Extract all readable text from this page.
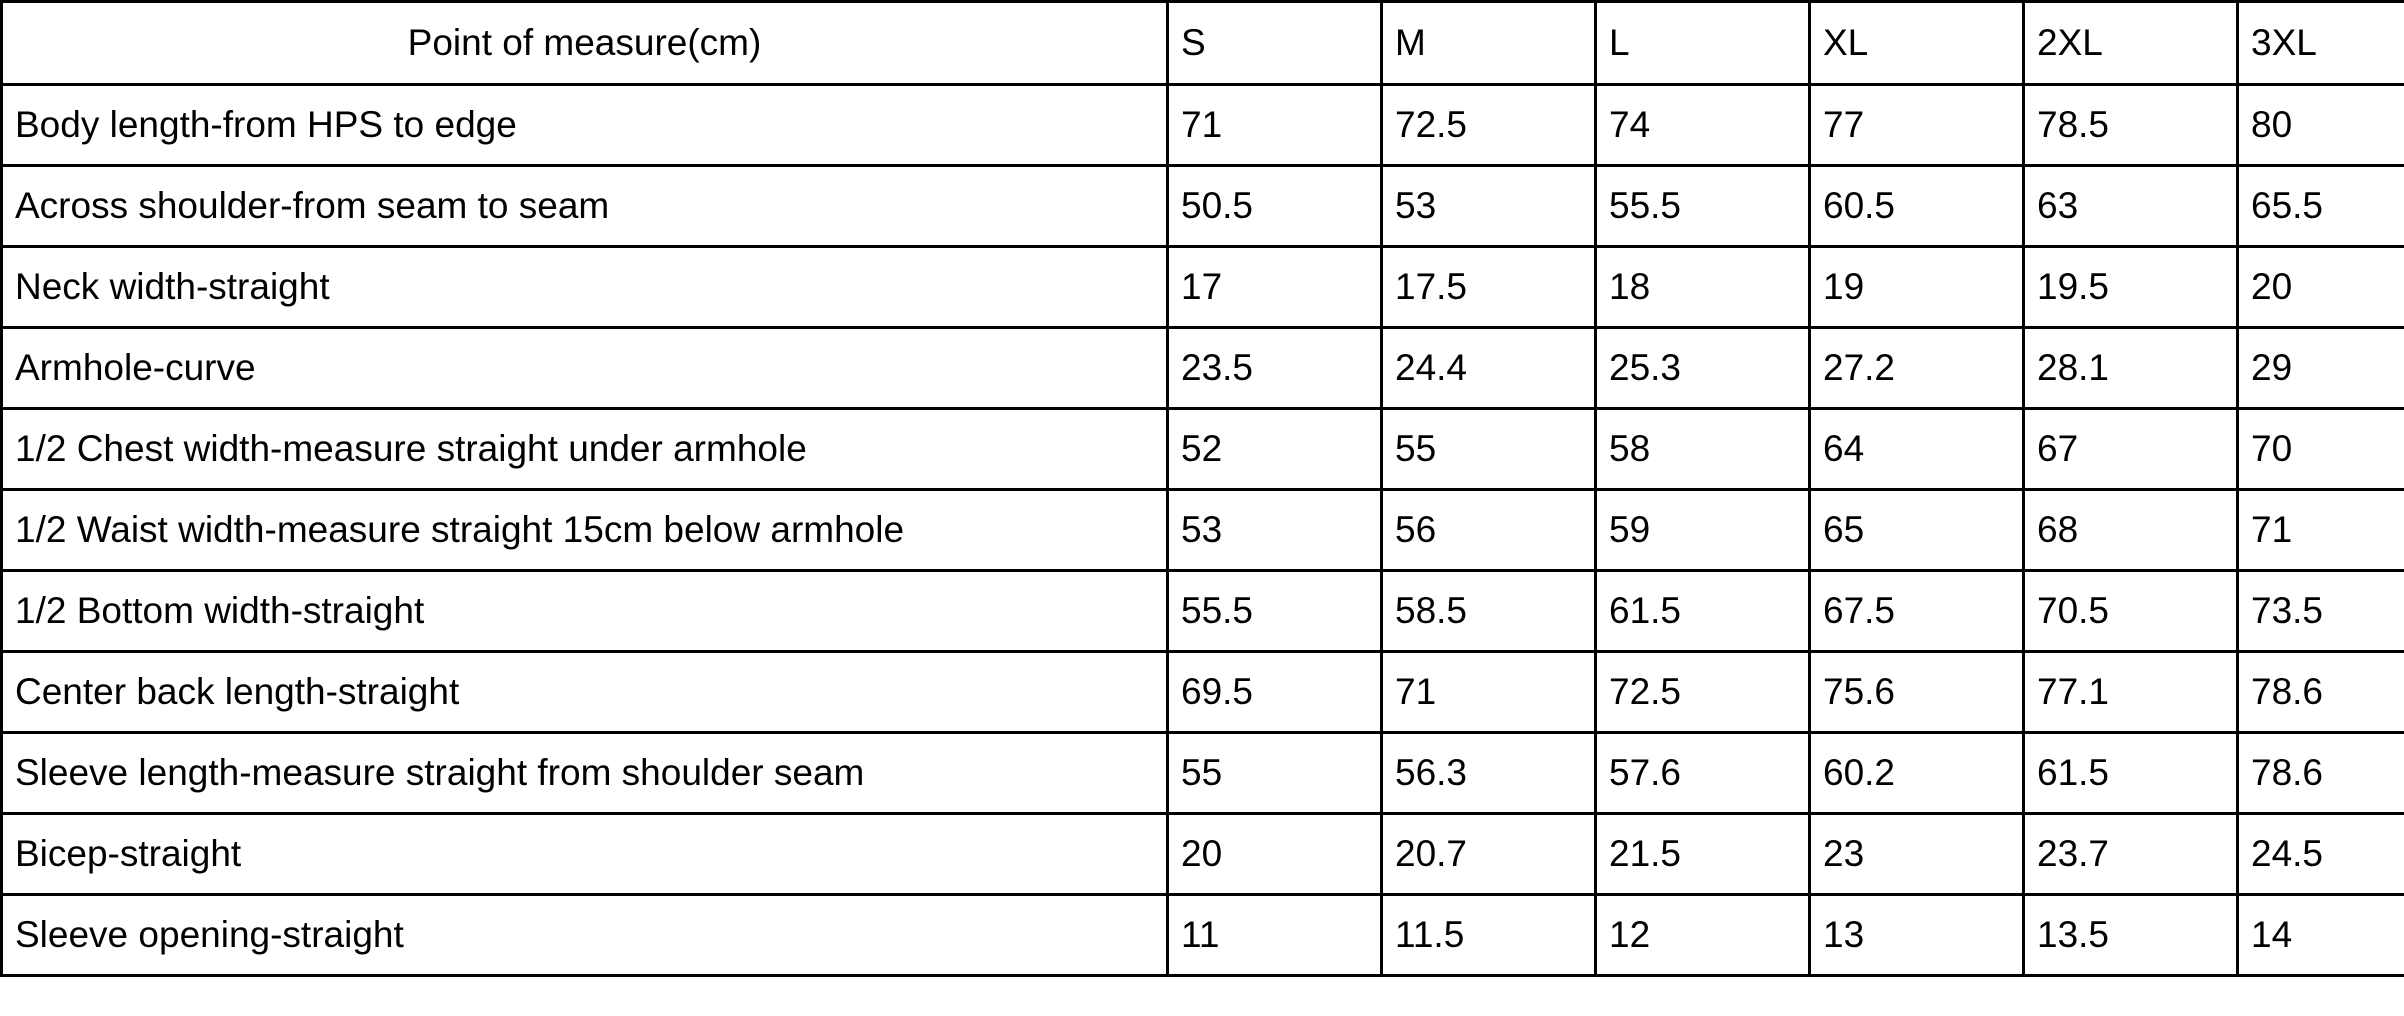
Point of measure(cm)	S	M	L	XL	2XL	3XL
Body length-from HPS to edge	71	72.5	74	77	78.5	80
Across shoulder-from seam to seam	50.5	53	55.5	60.5	63	65.5
Neck width-straight	17	17.5	18	19	19.5	20
Armhole-curve	23.5	24.4	25.3	27.2	28.1	29
1/2 Chest width-measure straight under armhole	52	55	58	64	67	70
1/2 Waist width-measure straight 15cm below armhole	53	56	59	65	68	71
1/2 Bottom width-straight	55.5	58.5	61.5	67.5	70.5	73.5
Center back length-straight	69.5	71	72.5	75.6	77.1	78.6
Sleeve length-measure straight from shoulder seam	55	56.3	57.6	60.2	61.5	78.6
Bicep-straight	20	20.7	21.5	23	23.7	24.5
Sleeve opening-straight	11	11.5	12	13	13.5	14
